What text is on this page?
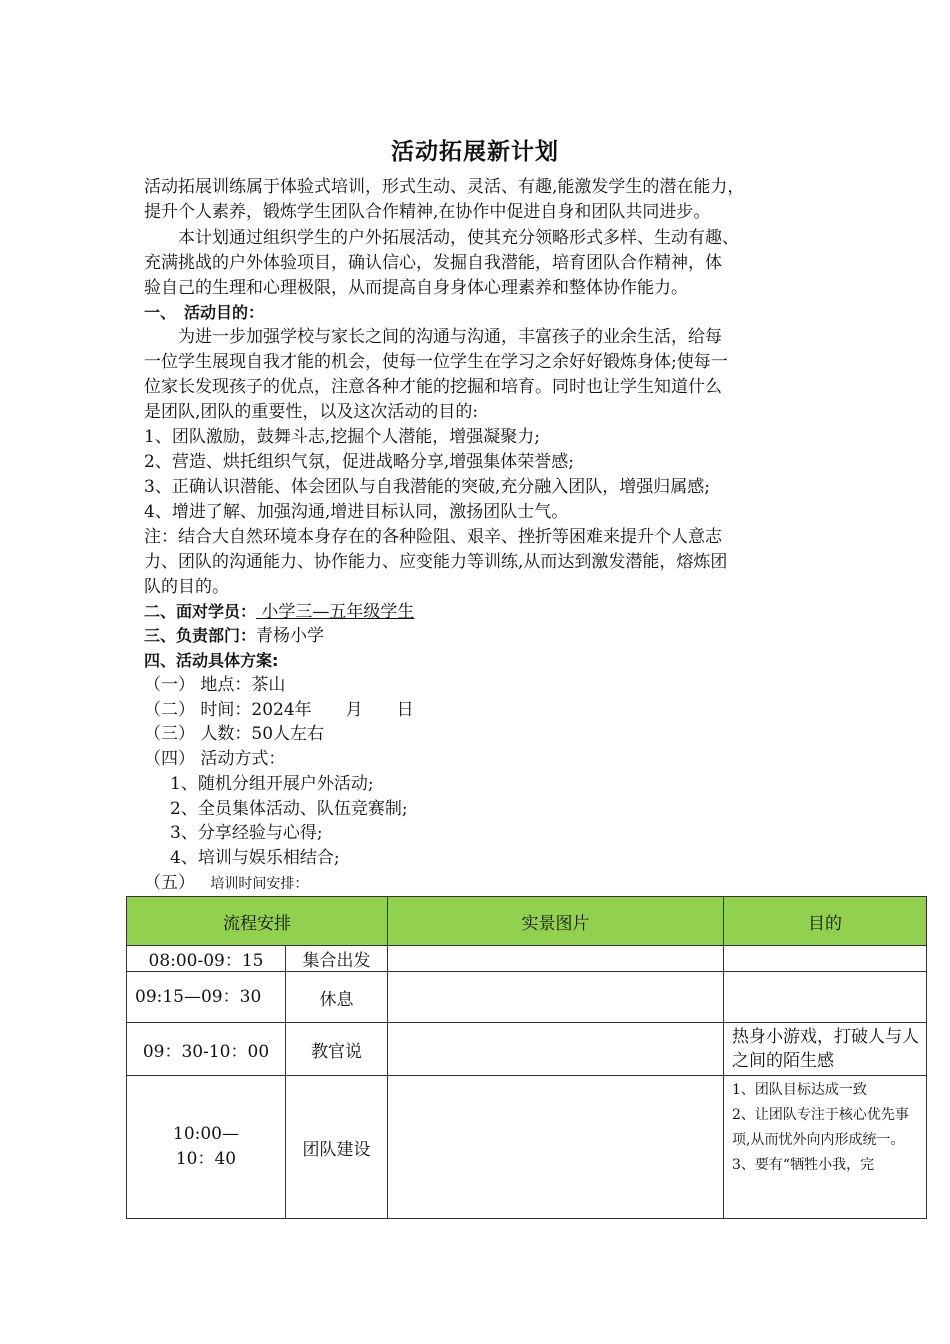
活动拓展新计划
活动拓展训练属于体验式培训，形式生动、灵活、有趣,能激发学生的潜在能力，
提升个人素养，锻炼学生团队合作精神,在协作中促进自身和团队共同进步。
　　本计划通过组织学生的户外拓展活动，使其充分领略形式多样、生动有趣、
充满挑战的户外体验项目，确认信心，发掘自我潜能，培育团队合作精神，体
验自己的生理和心理极限，从而提高自身身体心理素养和整体协作能力。
一、　活动目的：
　　为进一步加强学校与家长之间的沟通与沟通，丰富孩子的业余生活，给每
一位学生展现自我才能的机会，使每一位学生在学习之余好好锻炼身体;使每一
位家长发现孩子的优点，注意各种才能的挖掘和培育。同时也让学生知道什么
是团队,团队的重要性，以及这次活动的目的:
1、团队激励，鼓舞斗志,挖掘个人潜能，增强凝聚力;
2、营造、烘托组织气氛，促进战略分享,增强集体荣誉感;
3、正确认识潜能、体会团队与自我潜能的突破,充分融入团队，增强归属感;
4、增进了解、加强沟通,增进目标认同，激扬团队士气。
注：结合大自然环境本身存在的各种险阻、艰辛、挫折等困难来提升个人意志
力、团队的沟通能力、协作能力、应变能力等训练,从而达到激发潜能，熔炼团
队的目的。
二、面对学员： 小学三—五年级学生
三、负责部门：青杨小学
四、活动具体方案:
（一） 地点：茶山
（二） 时间：2024年　　月　　日
（三） 人数：50人左右
（四） 活动方式：
1、随机分组开展户外活动;
2、全员集体活动、队伍竞赛制;
3、分享经验与心得;
4、培训与娱乐相结合;
（五） 培训时间安排：
流程安排		实景图片	目的
08:00-09：15	集合出发		
09:15—09：30	休息		
09：30-10：00	教官说		热身小游戏，打破人与人之间的陌生感
10:00—10：40	团队建设		1、团队目标达成一致
2、让团队专注于核心优先事项,从而忧外向内形成统一。
3、要有“牺牲小我，完
